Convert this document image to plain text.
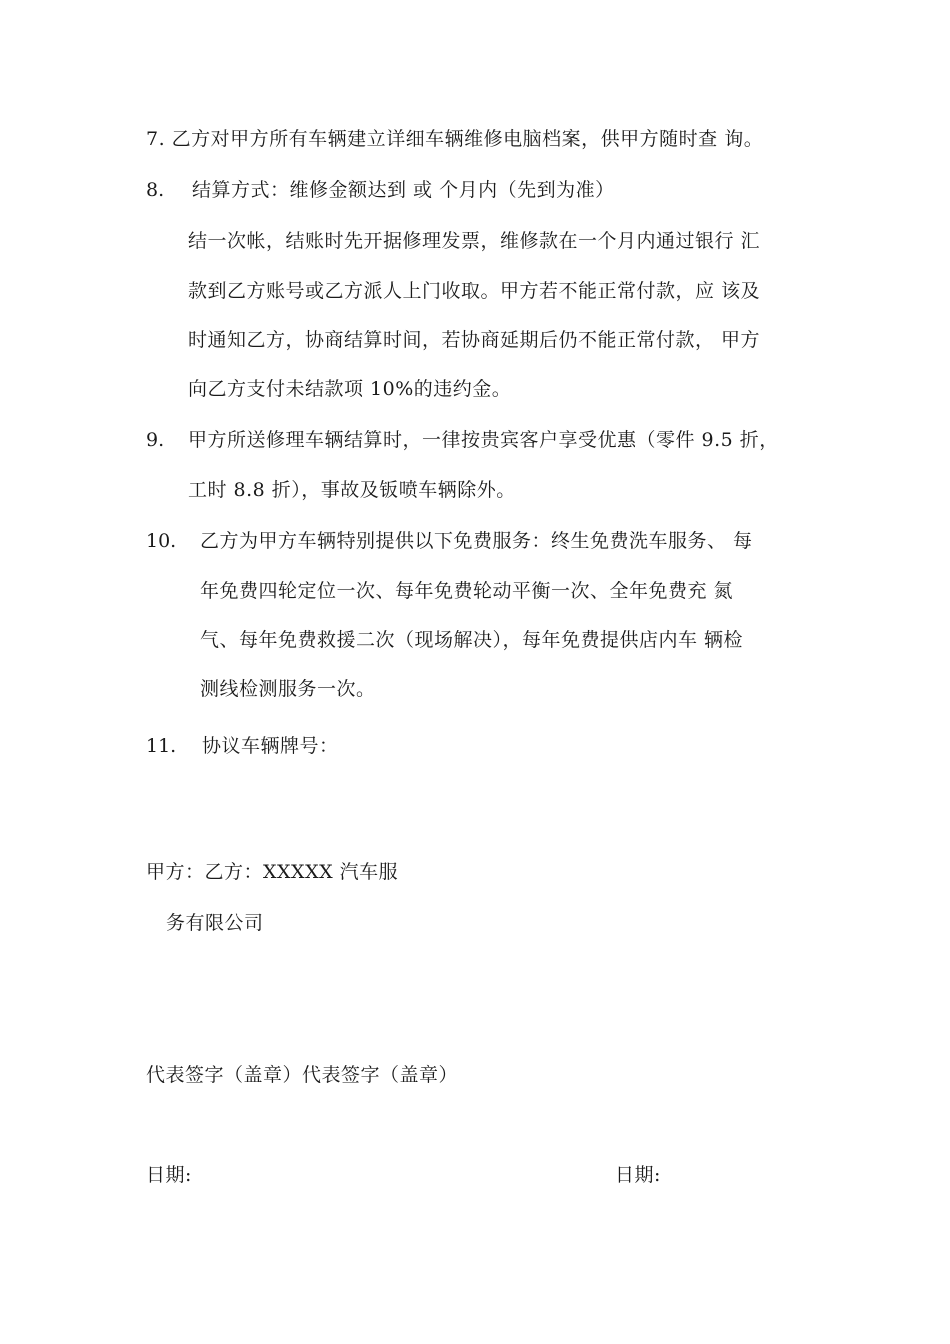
7. 乙方对甲方所有车辆建立详细车辆维修电脑档案，供甲方随时查 询。
8. 结算方式：维修金额达到 或 个月内（先到为准）
结一次帐，结账时先开据修理发票，维修款在一个月内通过银行 汇
款到乙方账号或乙方派人上门收取。甲方若不能正常付款，应 该及
时通知乙方，协商结算时间，若协商延期后仍不能正常付款， 甲方
向乙方支付未结款项 10%的违约金。
9. 甲方所送修理车辆结算时，一律按贵宾客户享受优惠（零件 9.5 折，
工时 8.8 折），事故及钣喷车辆除外。
10. 乙方为甲方车辆特别提供以下免费服务：终生免费洗车服务、 每
年免费四轮定位一次、每年免费轮动平衡一次、全年免费充 氮
气、每年免费救援二次（现场解决），每年免费提供店内车 辆检
测线检测服务一次。
11. 协议车辆牌号：
甲方：乙方：XXXXX 汽车服
务有限公司
代表签字（盖章）代表签字（盖章）
日期:	日期:
